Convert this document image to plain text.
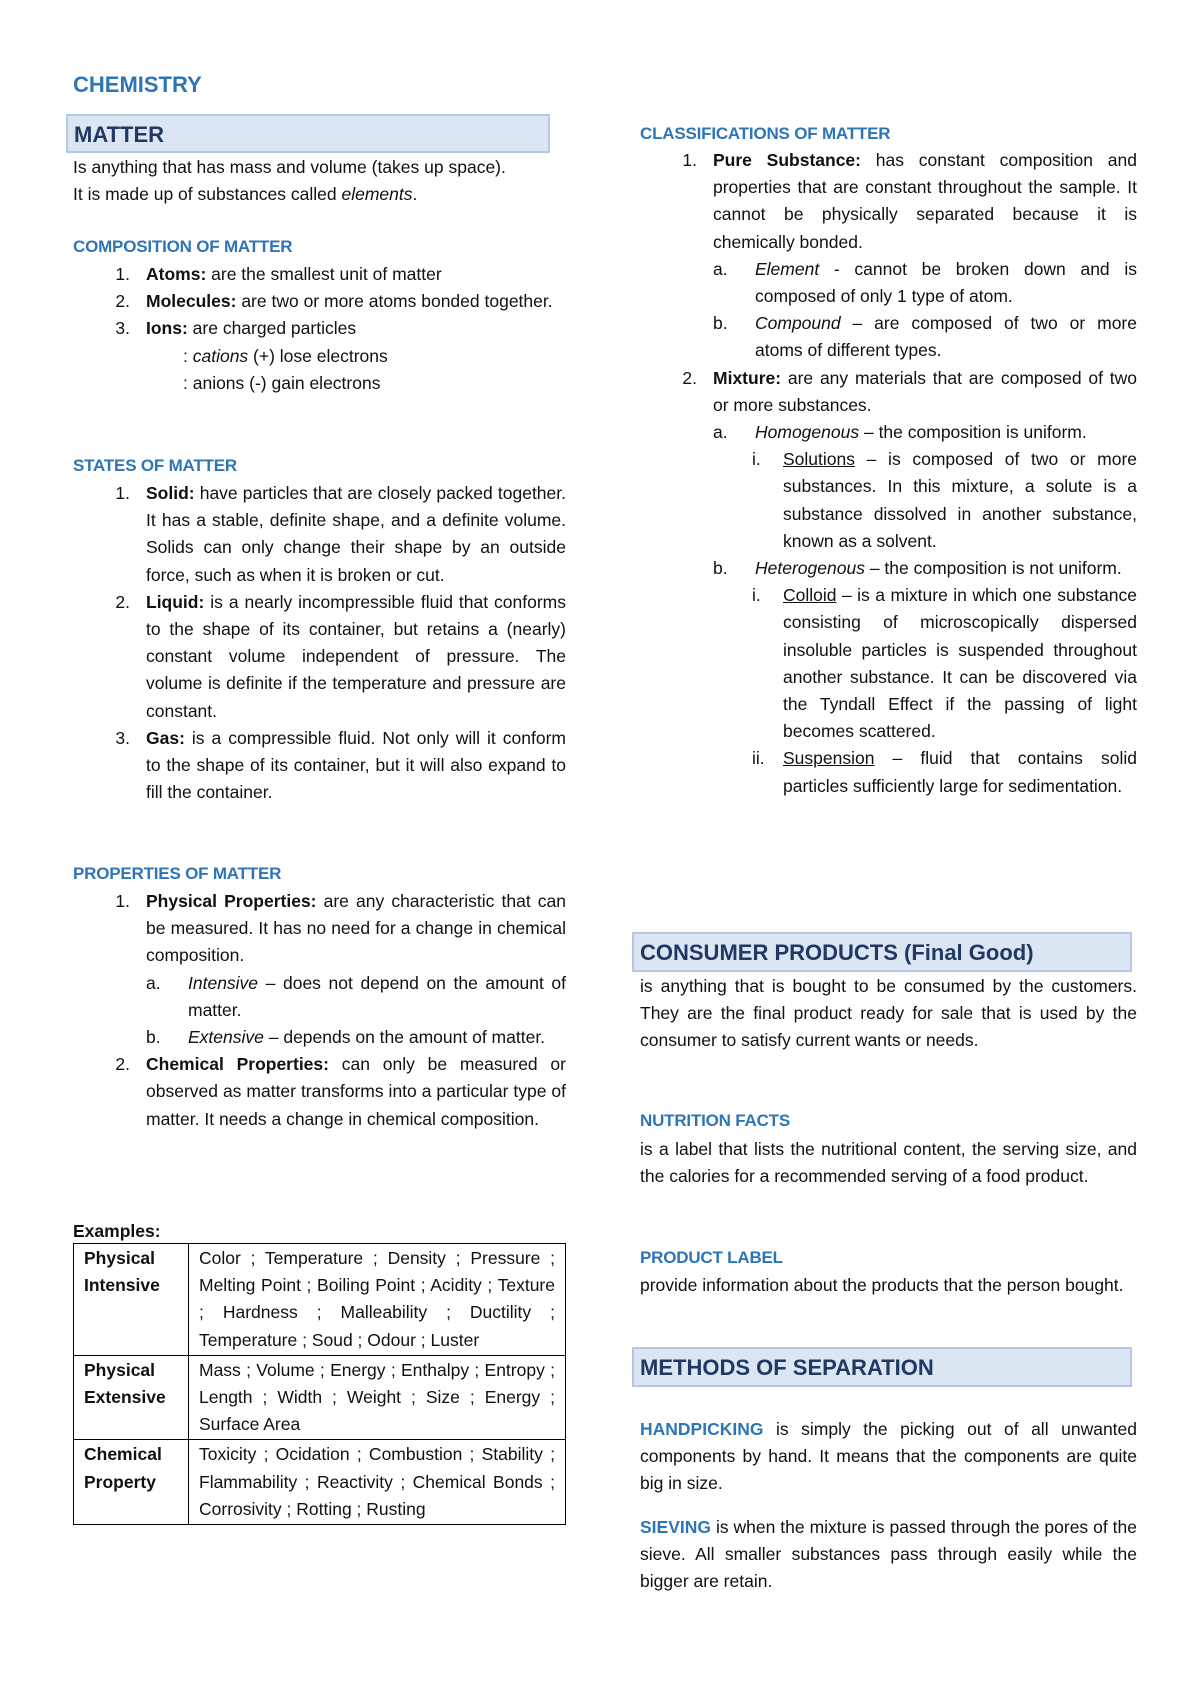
CHEMISTRY
MATTER
Is anything that has mass and volume (takes up space).
It is made up of substances called elements.
COMPOSITION OF MATTER
1. Atoms: are the smallest unit of matter
2. Molecules: are two or more atoms bonded together.
3. Ions: are charged particles
: cations (+) lose electrons
: anions (-) gain electrons
STATES OF MATTER
1. Solid: have particles that are closely packed together. It has a stable, definite shape, and a definite volume. Solids can only change their shape by an outside force, such as when it is broken or cut.
2. Liquid: is a nearly incompressible fluid that conforms to the shape of its container, but retains a (nearly) constant volume independent of pressure. The volume is definite if the temperature and pressure are constant.
3. Gas: is a compressible fluid. Not only will it conform to the shape of its container, but it will also expand to fill the container.
PROPERTIES OF MATTER
1. Physical Properties: are any characteristic that can be measured. It has no need for a change in chemical composition.
a.	Intensive – does not depend on the amount of matter.
b.	Extensive – depends on the amount of matter.
2. Chemical Properties: can only be measured or observed as matter transforms into a particular type of matter. It needs a change in chemical composition.
Examples:
Physical Intensive	Color ; Temperature ; Density ; Pressure ; Melting Point ; Boiling Point ; Acidity ; Texture ; Hardness ; Malleability ; Ductility ; Temperature ; Soud ; Odour ; Luster
Physical Extensive	Mass ; Volume ; Energy ; Enthalpy ; Entropy ; Length ; Width ; Weight ; Size ; Energy ; Surface Area
Chemical Property	Toxicity ; Ocidation ; Combustion ; Stability ; Flammability ; Reactivity ; Chemical Bonds ; Corrosivity ; Rotting ; Rusting
CLASSIFICATIONS OF MATTER
1. Pure Substance: has constant composition and properties that are constant throughout the sample. It cannot be physically separated because it is chemically bonded.
a.	Element - cannot be broken down and is composed of only 1 type of atom.
b.	Compound – are composed of two or more atoms of different types.
2. Mixture: are any materials that are composed of two or more substances.
a.	Homogenous – the composition is uniform.
i.	Solutions – is composed of two or more substances. In this mixture, a solute is a substance dissolved in another substance, known as a solvent.
b.	Heterogenous – the composition is not uniform.
i.	Colloid – is a mixture in which one substance consisting of microscopically dispersed insoluble particles is suspended throughout another substance. It can be discovered via the Tyndall Effect if the passing of light becomes scattered.
ii.	Suspension – fluid that contains solid particles sufficiently large for sedimentation.
CONSUMER PRODUCTS (Final Good)
is anything that is bought to be consumed by the customers. They are the final product ready for sale that is used by the consumer to satisfy current wants or needs.
NUTRITION FACTS
is a label that lists the nutritional content, the serving size, and the calories for a recommended serving of a food product.
PRODUCT LABEL
provide information about the products that the person bought.
METHODS OF SEPARATION
HANDPICKING is simply the picking out of all unwanted components by hand. It means that the components are quite big in size.
SIEVING is when the mixture is passed through the pores of the sieve. All smaller substances pass through easily while the bigger are retain.
